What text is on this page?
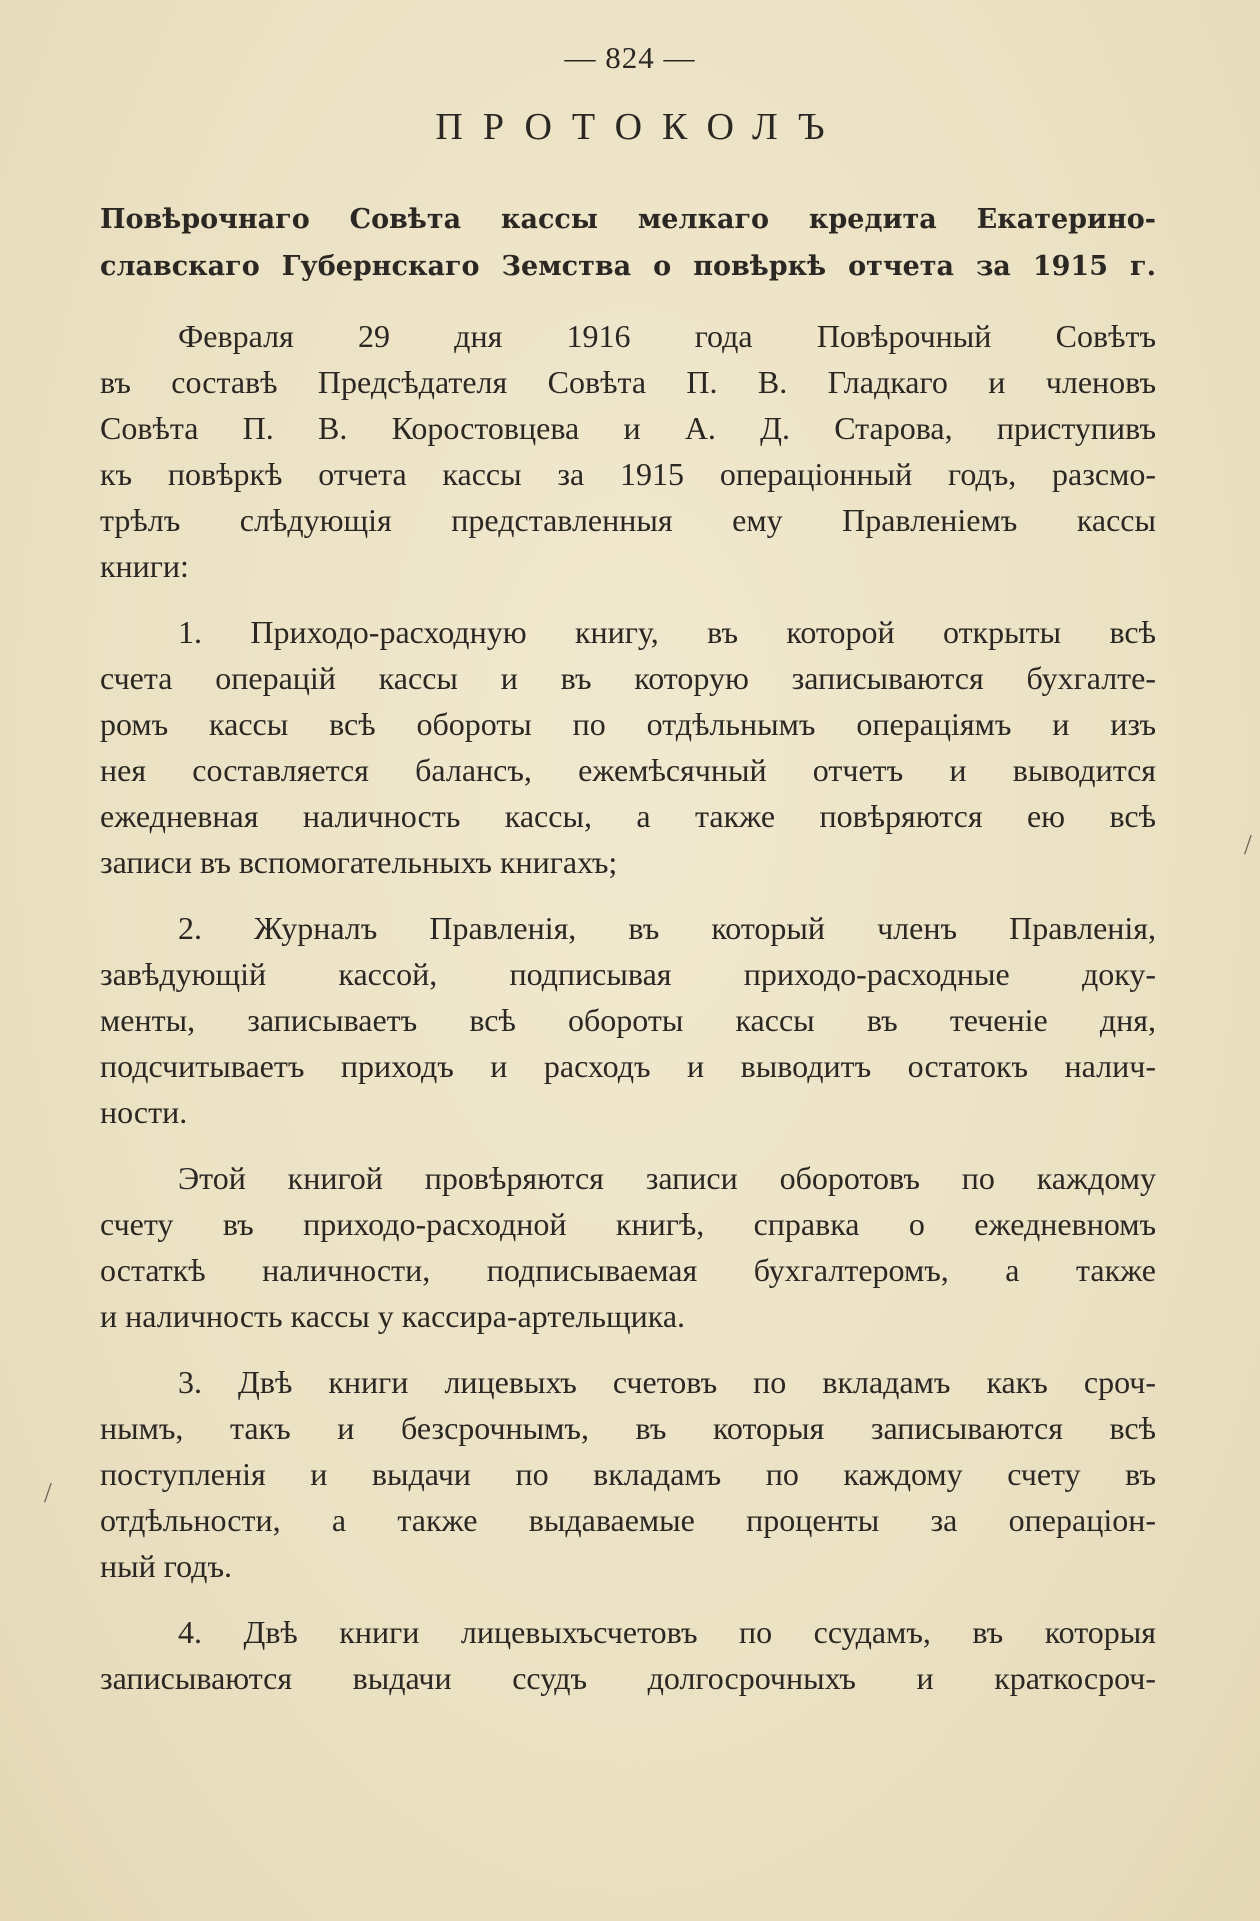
— 824 —
ПРОТОКОЛЪ
Повѣрочнаго Совѣта кассы мелкаго кредита Екатерино-
славскаго Губернскаго Земства о повѣркѣ отчета за 1915 г.

Февраля 29 дня 1916 года Повѣрочный Совѣтъ
въ составѣ Предсѣдателя Совѣта П. В. Гладкаго и членовъ
Совѣта П. В. Коростовцева и А. Д. Старова, приступивъ
къ повѣркѣ отчета кассы за 1915 операціонный годъ, разсмо-
трѣлъ слѣдующія представленныя ему Правленіемъ кассы
книги:

1. Приходо-расходную книгу, въ которой открыты всѣ
счета операцій кассы и въ которую записываются бухгалте-
ромъ кассы всѣ обороты по отдѣльнымъ операціямъ и изъ
нея составляется балансъ, ежемѣсячный отчетъ и выводится
ежедневная наличность кассы, а также повѣряются ею всѣ
записи въ вспомогательныхъ книгахъ;

2. Журналъ Правленія, въ который членъ Правленія,
завѣдующій кассой, подписывая приходо-расходные доку-
менты, записываетъ всѣ обороты кассы въ теченіе дня,
подсчитываетъ приходъ и расходъ и выводитъ остатокъ налич-
ности.

Этой книгой провѣряются записи оборотовъ по каждому
счету въ приходо-расходной книгѣ, справка о ежедневномъ
остаткѣ наличности, подписываемая бухгалтеромъ, а также
и наличность кассы у кассира-артельщика.

3. Двѣ книги лицевыхъ счетовъ по вкладамъ какъ сроч-
нымъ, такъ и безсрочнымъ, въ которыя записываются всѣ
поступленія и выдачи по вкладамъ по каждому счету въ
отдѣльности, а также выдаваемые проценты за операціон-
ный годъ.

4. Двѣ книги лицевыхъсчетовъ по ссудамъ, въ которыя
записываются выдачи ссудъ долгосрочныхъ и краткосроч-

/
/
